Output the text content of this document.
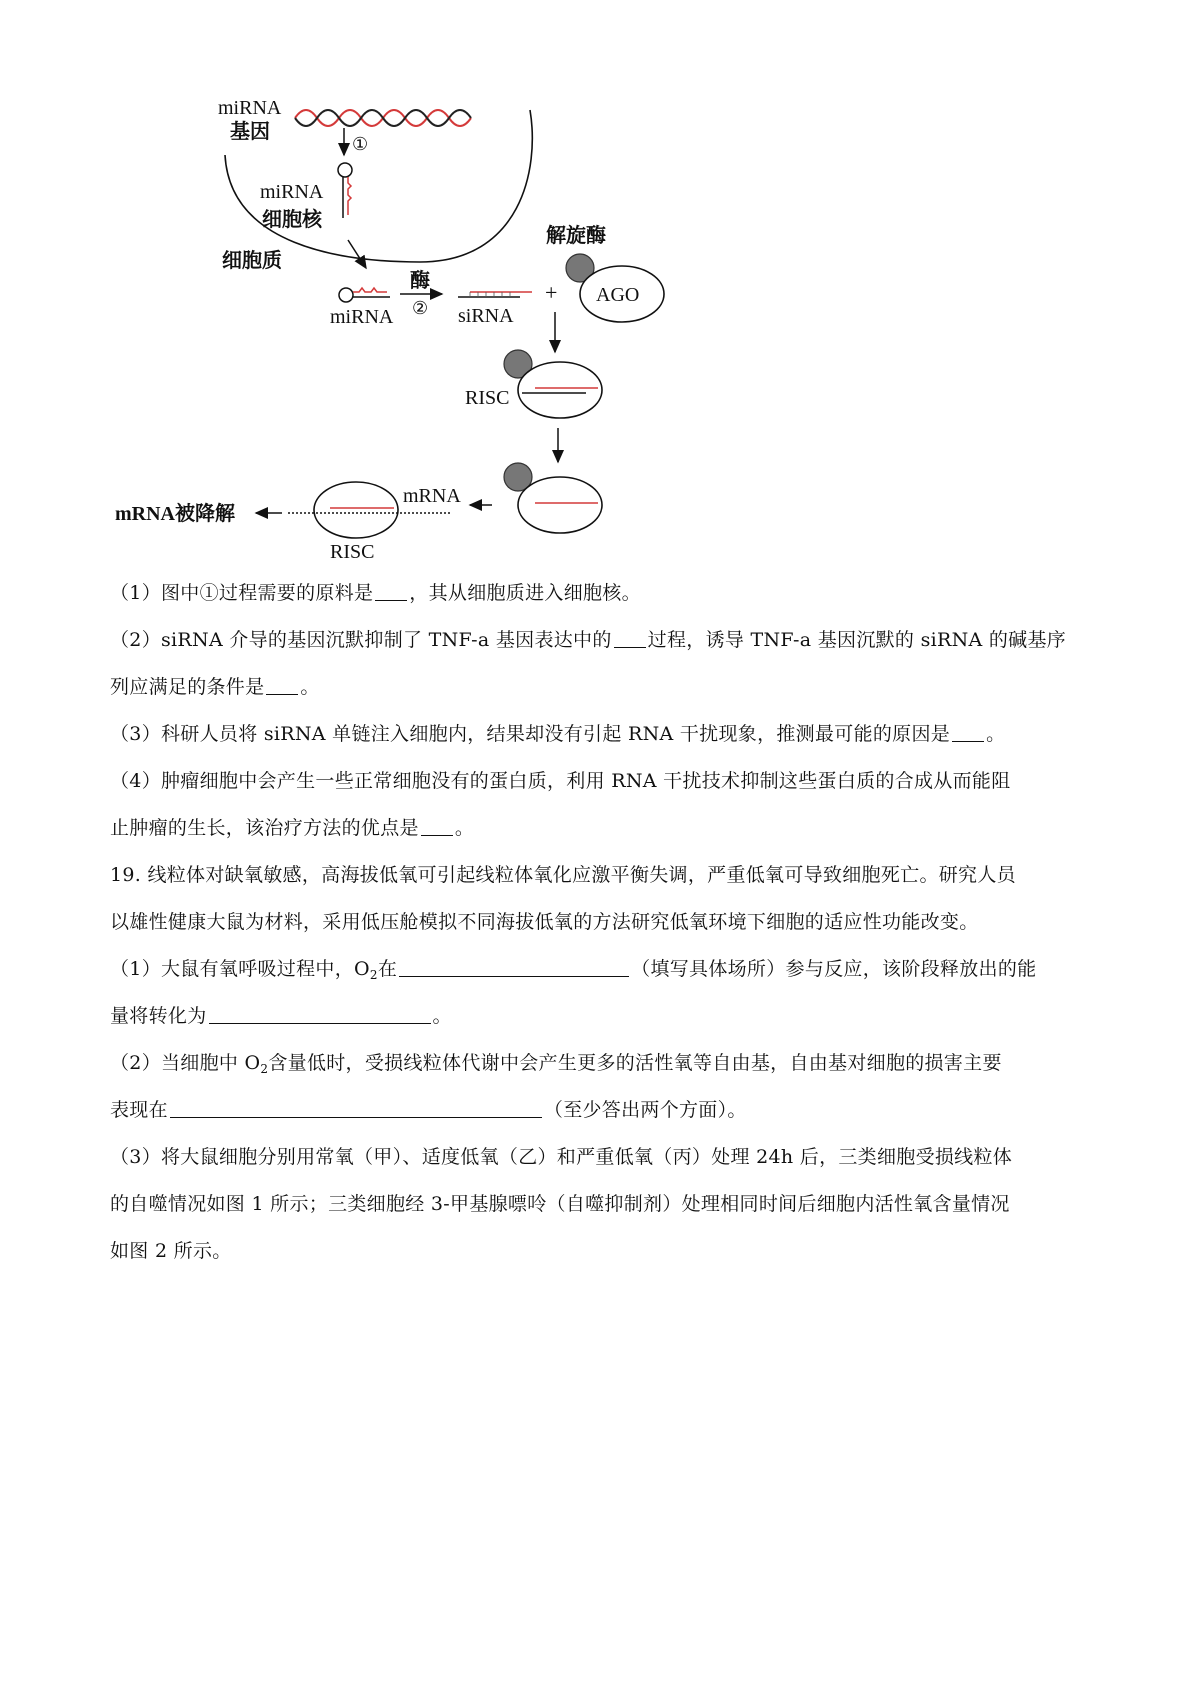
miRNA
基因
①
miRNA
细胞核
细胞质
miRNA
酶
② siRNA
+
解旋酶
AGO
RISC
mRNA
RISC
mRNA被降解
（1）图中①过程需要的原料是 ，其从细胞质进入细胞核。
（2）siRNA 介导的基因沉默抑制了 TNF-a 基因表达中的 过程，诱导 TNF-a 基因沉默的 siRNA 的碱基序
列应满足的条件是 。
（3）科研人员将 siRNA 单链注入细胞内，结果却没有引起 RNA 干扰现象，推测最可能的原因是 。
（4）肿瘤细胞中会产生一些正常细胞没有的蛋白质，利用 RNA 干扰技术抑制这些蛋白质的合成从而能阻
止肿瘤的生长，该治疗方法的优点是 。
19. 线粒体对缺氧敏感，高海拔低氧可引起线粒体氧化应激平衡失调，严重低氧可导致细胞死亡。研究人员
以雄性健康大鼠为材料，采用低压舱模拟不同海拔低氧的方法研究低氧环境下细胞的适应性功能改变。
（1）大鼠有氧呼吸过程中，$O_2$在	（填写具体场所）参与反应，该阶段释放出的能
量将转化为	。
（2）当细胞中 $O_2$含量低时，受损线粒体代谢中会产生更多的活性氧等自由基，自由基对细胞的损害主要
表现在	（至少答出两个方面）。
（3）将大鼠细胞分别用常氧（甲）、适度低氧（乙）和严重低氧（丙）处理 24h 后，三类细胞受损线粒体
的自噬情况如图 1 所示；三类细胞经 3-甲基腺嘌呤（自噬抑制剂）处理相同时间后细胞内活性氧含量情况
如图 2 所示。
